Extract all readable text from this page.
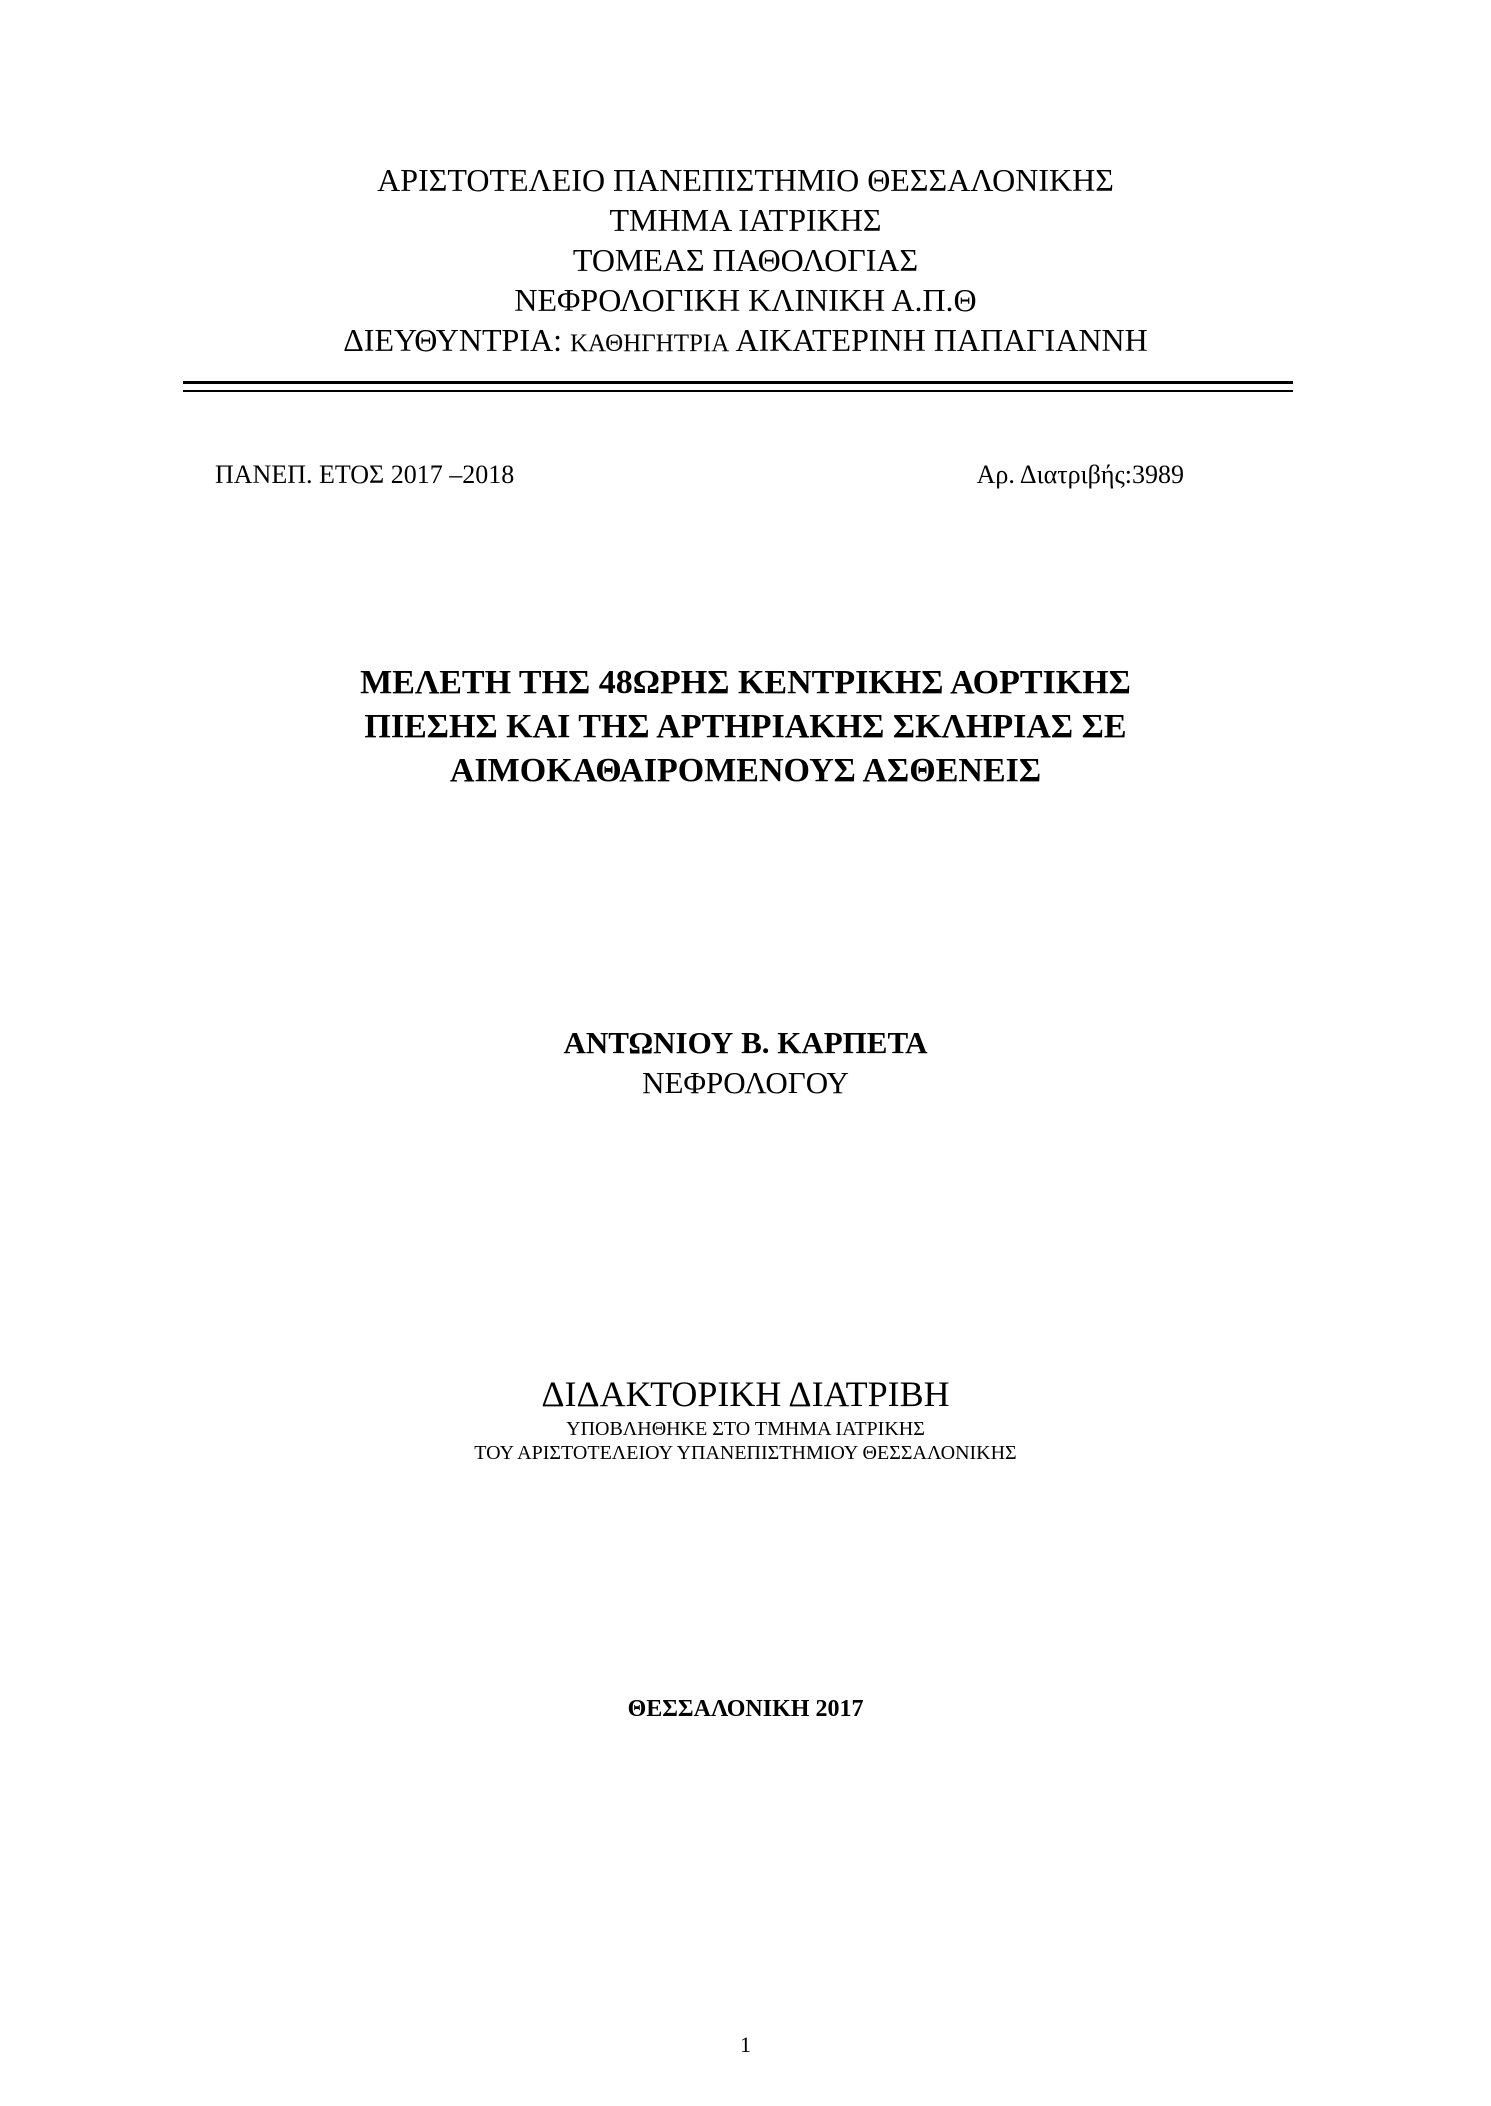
ΑΡΙΣΤΟΤΕΛΕΙΟ ΠΑΝΕΠΙΣΤΗΜΙΟ ΘΕΣΣΑΛΟΝΙΚΗΣ
ΤΜΗΜΑ ΙΑΤΡΙΚΗΣ
ΤΟΜΕΑΣ ΠΑΘΟΛΟΓΙΑΣ
ΝΕΦΡΟΛΟΓΙΚΗ ΚΛΙΝΙΚΗ Α.Π.Θ
ΔΙΕΥΘΥΝΤΡΙΑ: ΚΑΘΗΓΗΤΡΙΑ ΑΙΚΑΤΕΡΙΝΗ ΠΑΠΑΓΙΑΝΝΗ
ΠΑΝΕΠ. ΕΤΟΣ 2017 –2018	Αρ. Διατριβής:3989
ΜΕΛΕΤΗ ΤΗΣ 48ΩΡΗΣ ΚΕΝΤΡΙΚΗΣ ΑΟΡΤΙΚΗΣ
ΠΙΕΣΗΣ ΚΑΙ ΤΗΣ ΑΡΤΗΡΙΑΚΗΣ ΣΚΛΗΡΙΑΣ ΣΕ
ΑΙΜΟΚΑΘΑΙΡΟΜΕΝΟΥΣ ΑΣΘΕΝΕΙΣ
ΑΝΤΩΝΙΟΥ Β. ΚΑΡΠΕΤΑ
ΝΕΦΡΟΛΟΓΟΥ
ΔΙΔΑΚΤΟΡΙΚΗ ΔΙΑΤΡΙΒΗ
ΥΠΟΒΛΗΘΗΚΕ ΣΤΟ ΤΜΗΜΑ ΙΑΤΡΙΚΗΣ
ΤΟΥ ΑΡΙΣΤΟΤΕΛΕΙΟΥ ΥΠΑΝΕΠΙΣΤΗΜΙΟΥ ΘΕΣΣΑΛΟΝΙΚΗΣ
ΘΕΣΣΑΛΟΝΙΚΗ 2017
1
